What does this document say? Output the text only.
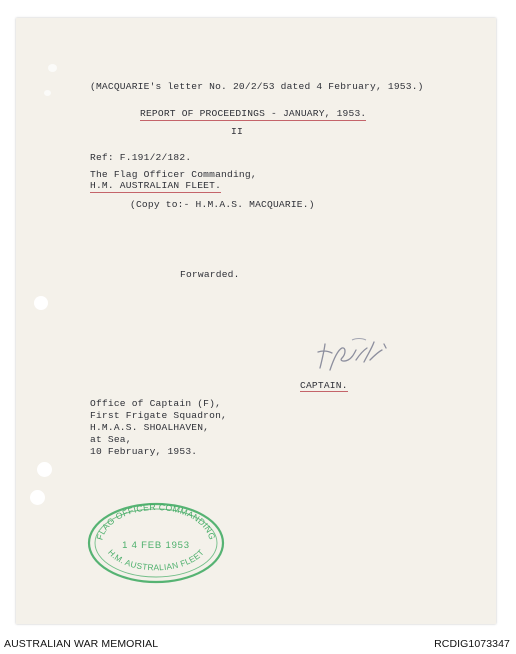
(MACQUARIE's letter No. 20/2/53 dated 4 February, 1953.)

REPORT OF PROCEEDINGS - JANUARY, 1953.

II

Ref: F.191/2/182.

The Flag Officer Commanding,

H.M. AUSTRALIAN FLEET.

(Copy to:- H.M.A.S. MACQUARIE.)

Forwarded.

CAPTAIN.

Office of Captain (F),

First Frigate Squadron,

H.M.A.S. SHOALHAVEN,

at Sea,

10 February, 1953.

FLAG OFFICER COMMANDING
1 4 FEB 1953
H.M. AUSTRALIAN FLEET
AUSTRALIAN WAR MEMORIAL	RCDIG1073347
